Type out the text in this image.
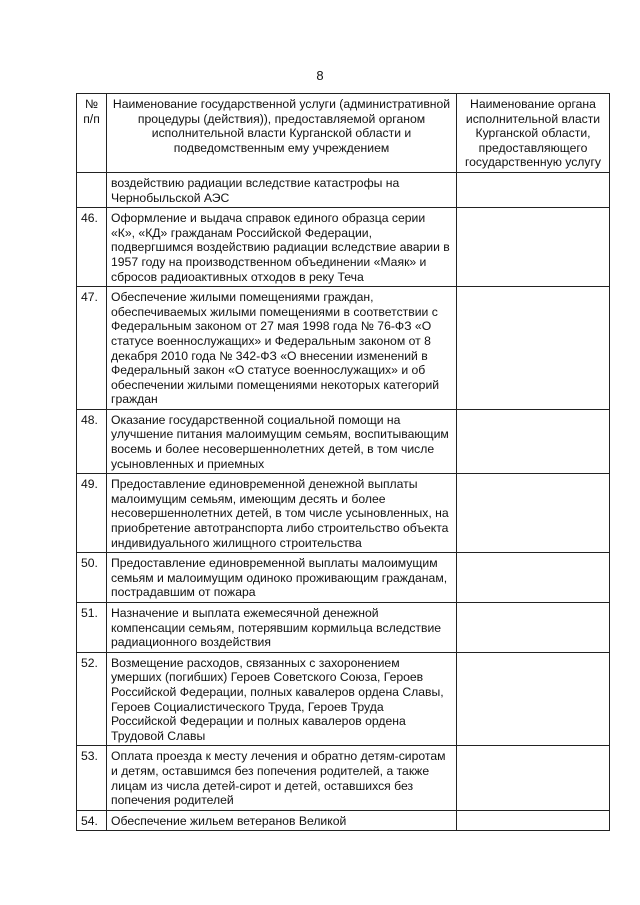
8
№
п/п	Наименование государственной услуги (административной процедуры (действия)), предоставляемой органом исполнительной власти Курганской области и подведомственным ему учреждением	Наименование органа исполнительной власти Курганской области, предоставляющего государственную услугу
	воздействию радиации вследствие катастрофы на Чернобыльской АЭС	
46.	Оформление и выдача справок единого образца серии «К», «КД» гражданам Российской Федерации, подвергшимся воздействию радиации вследствие аварии в 1957 году на производственном объединении «Маяк» и сбросов радиоактивных отходов в реку Теча	
47.	Обеспечение жилыми помещениями граждан, обеспечиваемых жилыми помещениями в соответствии с Федеральным законом от 27 мая 1998 года № 76-ФЗ «О статусе военнослужащих» и Федеральным законом от 8 декабря 2010 года № 342-ФЗ «О внесении изменений в Федеральный закон «О статусе военнослужащих» и об обеспечении жилыми помещениями некоторых категорий граждан	
48.	Оказание государственной социальной помощи на улучшение питания малоимущим семьям, воспитывающим восемь и более несовершеннолетних детей, в том числе усыновленных и приемных	
49.	Предоставление единовременной денежной выплаты малоимущим семьям, имеющим десять и более несовершеннолетних детей, в том числе усыновленных, на приобретение автотранспорта либо строительство объекта индивидуального жилищного строительства	
50.	Предоставление единовременной выплаты малоимущим семьям и малоимущим одиноко проживающим гражданам, пострадавшим от пожара	
51.	Назначение и выплата ежемесячной денежной компенсации семьям, потерявшим кормильца вследствие радиационного воздействия	
52.	Возмещение расходов, связанных с захоронением умерших (погибших) Героев Советского Союза, Героев Российской Федерации, полных кавалеров ордена Славы, Героев Социалистического Труда, Героев Труда Российской Федерации и полных кавалеров ордена Трудовой Славы	
53.	Оплата проезда к месту лечения и обратно детям-сиротам и детям, оставшимся без попечения родителей, а также лицам из числа детей-сирот и детей, оставшихся без попечения родителей	
54.	Обеспечение жильем ветеранов Великой	
